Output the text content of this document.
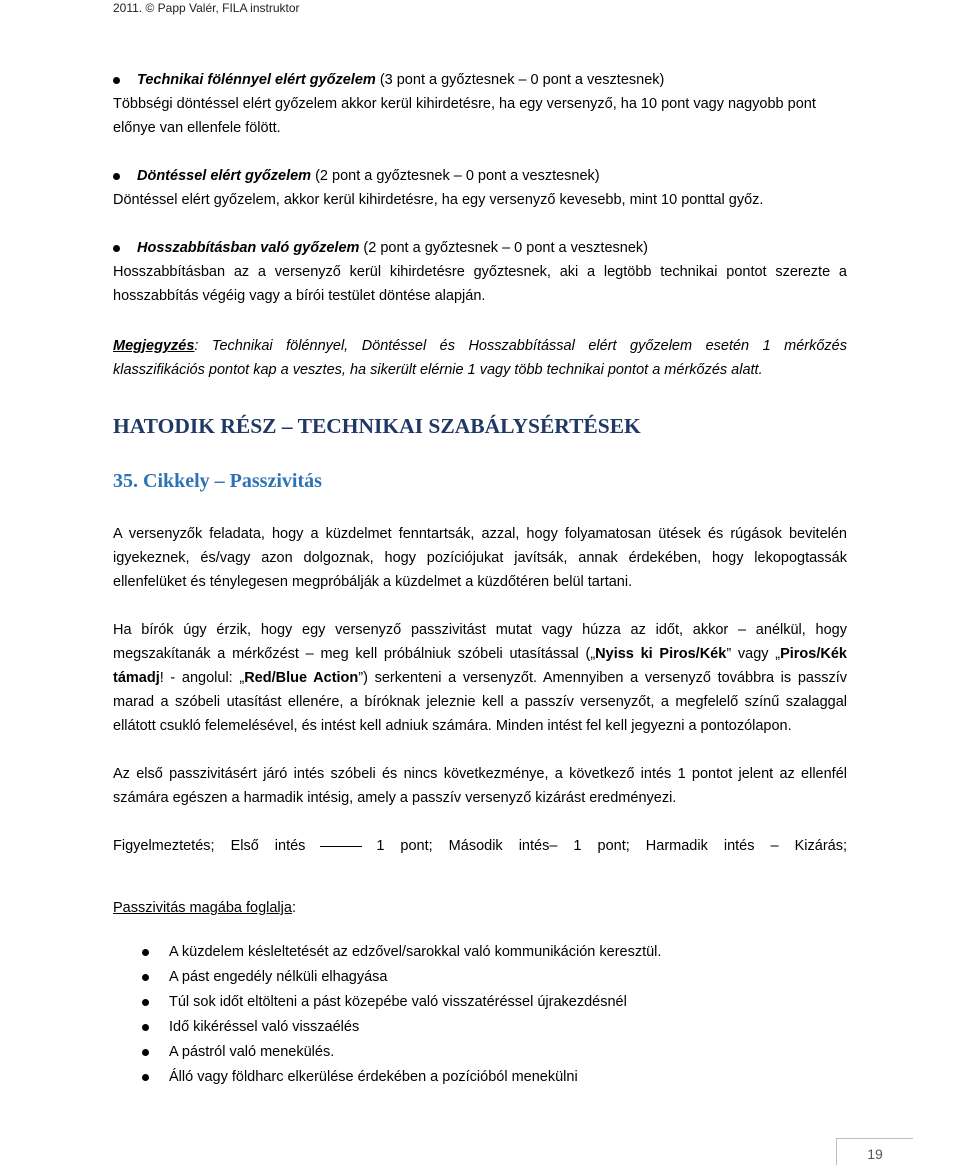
2011. © Papp Valér, FILA instruktor

Technikai fölénnyel elért győzelem (3 pont a győztesnek – 0 pont a vesztesnek)

Többségi döntéssel elért győzelem akkor kerül kihirdetésre, ha egy versenyző, ha 10 pont vagy nagyobb pont előnye van ellenfele fölött.

Döntéssel elért győzelem (2 pont a győztesnek – 0 pont a vesztesnek)

Döntéssel elért győzelem, akkor kerül kihirdetésre, ha egy versenyző kevesebb, mint 10 ponttal győz.

Hosszabbításban való győzelem (2 pont a győztesnek – 0 pont a vesztesnek)

Hosszabbításban az a versenyző kerül kihirdetésre győztesnek, aki a legtöbb technikai pontot szerezte a hosszabbítás végéig vagy a bírói testület döntése alapján.

Megjegyzés: Technikai fölénnyel, Döntéssel és Hosszabbítással elért győzelem esetén 1 mérkőzés klasszifikációs pontot kap a vesztes, ha sikerült elérnie 1 vagy több technikai pontot a mérkőzés alatt.

HATODIK RÉSZ – TECHNIKAI SZABÁLYSÉRTÉSEK
35. Cikkely – Passzivitás

A versenyzők feladata, hogy a küzdelmet fenntartsák, azzal, hogy folyamatosan ütések és rúgások bevitelén igyekeznek, és/vagy azon dolgoznak, hogy pozíciójukat javítsák, annak érdekében, hogy lekopogtassák ellenfelüket és ténylegesen megpróbálják a küzdelmet a küzdőtéren belül tartani.

Ha bírók úgy érzik, hogy egy versenyző passzivitást mutat vagy húzza az időt, akkor – anélkül, hogy megszakítanák a mérkőzést – meg kell próbálniuk szóbeli utasítással („Nyiss ki Piros/Kék” vagy „Piros/Kék támadj! - angolul: „Red/Blue Action”) serkenteni a versenyzőt. Amennyiben a versenyző továbbra is passzív marad a szóbeli utasítást ellenére, a bíróknak jeleznie kell a passzív versenyzőt, a megfelelő színű szalaggal ellátott csukló felemelésével, és intést kell adniuk számára. Minden intést fel kell jegyezni a pontozólapon.

Az első passzivitásért járó intés szóbeli és nincs következménye, a következő intés 1 pontot jelent az ellenfél számára egészen a harmadik intésig, amely a passzív versenyző kizárást eredményezi.

Figyelmeztetés; Első intés	1 pont; Második intés– 1 pont; Harmadik intés – Kizárás;

Passzivitás magába foglalja:

A küzdelem késleltetését az edzővel/sarokkal való kommunikáción keresztül.
A pást engedély nélküli elhagyása
Túl sok időt eltölteni a pást közepébe való visszatéréssel újrakezdésnél
Idő kikéréssel való visszaélés
A pástról való menekülés.
Álló vagy földharc elkerülése érdekében a pozícióból menekülni
19
